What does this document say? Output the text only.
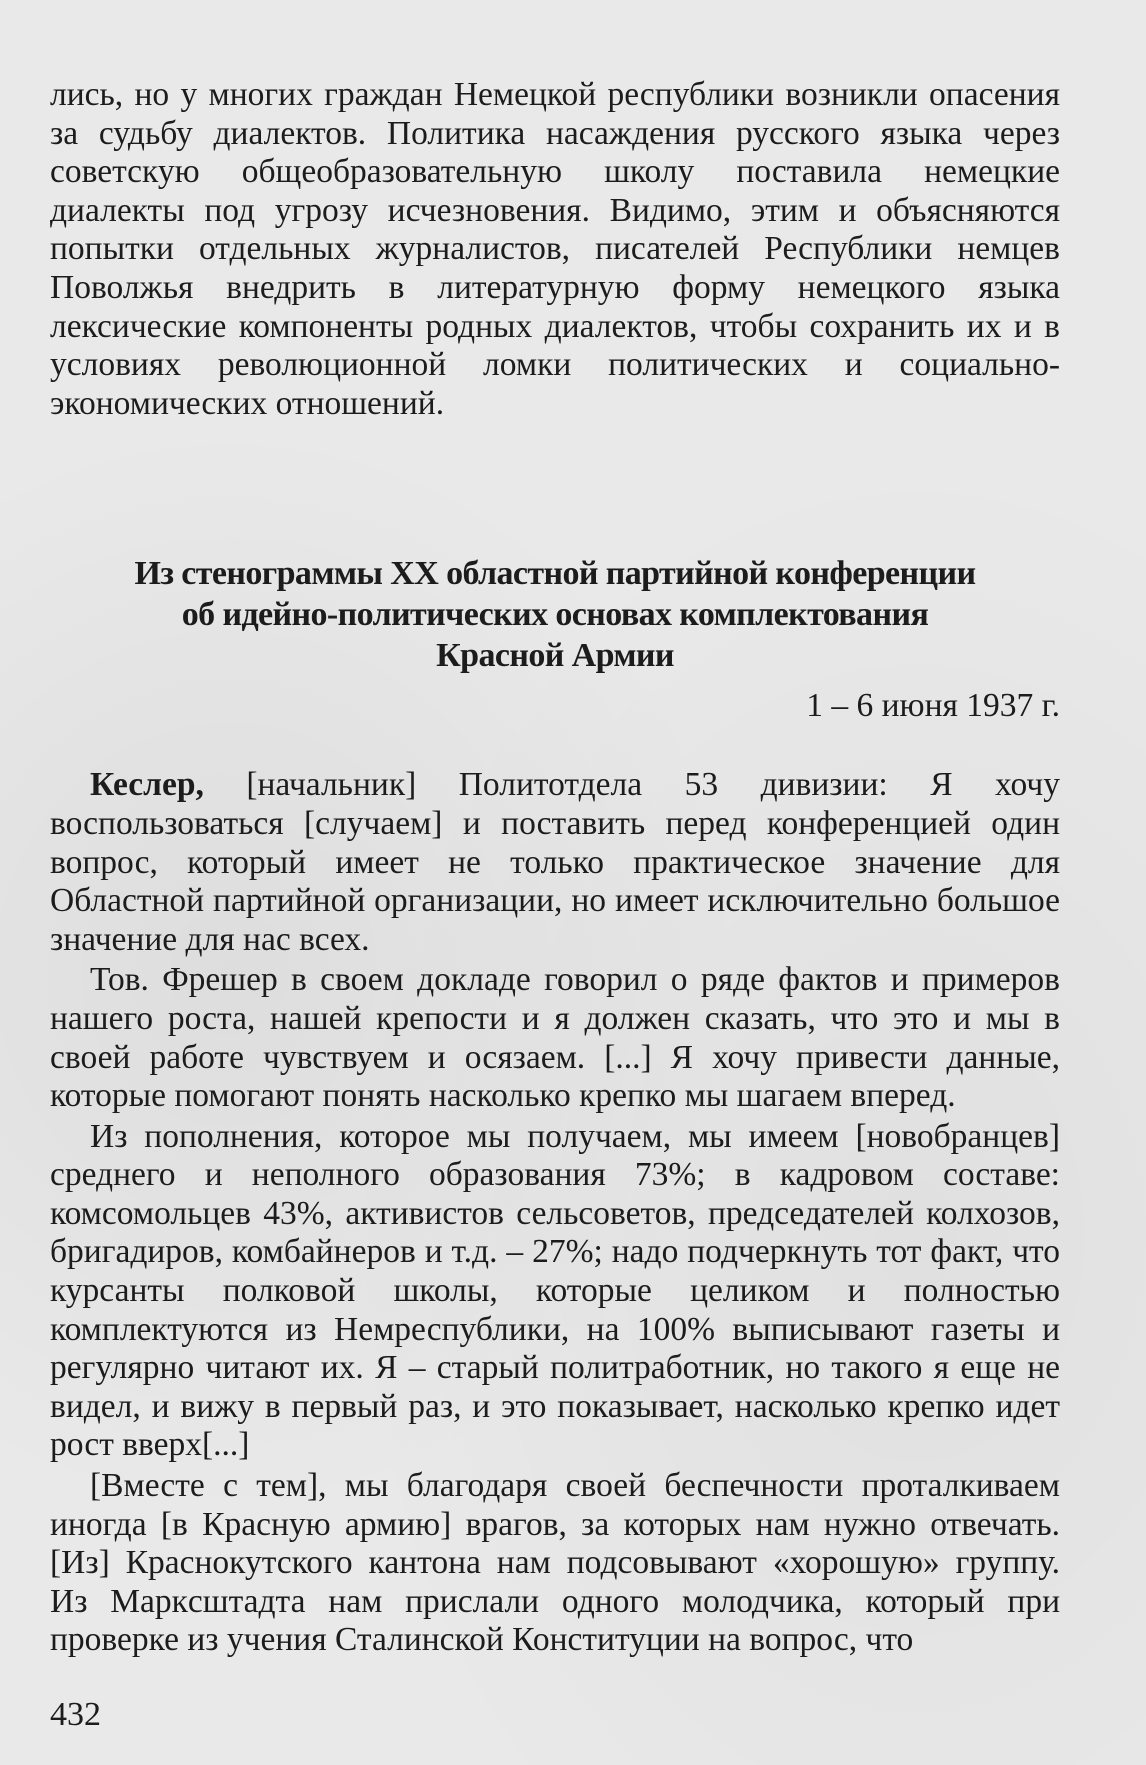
лись, но у многих граждан Немецкой республики возникли опасения за судьбу диалектов. Политика насаждения русского языка через советскую общеобразовательную школу поставила немецкие диалекты под угрозу исчезновения. Видимо, этим и объясняются попытки отдельных журналистов, писателей Республики немцев Поволжья внедрить в литературную форму немецкого языка лексические компоненты родных диалектов, чтобы сохранить их и в условиях революционной ломки политических и социально-экономических отношений.

Из стенограммы XX областной партийной конференции
об идейно-политических основах комплектования
Красной Армии
1 – 6 июня 1937 г.

Кеслер, [начальник] Политотдела 53 дивизии: Я хочу воспользоваться [случаем] и поставить перед конференцией один вопрос, который имеет не только практическое значение для Областной партийной организации, но имеет исключительно большое значение для нас всех.

Тов. Фрешер в своем докладе говорил о ряде фактов и примеров нашего роста, нашей крепости и я должен сказать, что это и мы в своей работе чувствуем и осязаем. [...] Я хочу привести данные, которые помогают понять насколько крепко мы шагаем вперед.

Из пополнения, которое мы получаем, мы имеем [новобранцев] среднего и неполного образования 73%; в кадровом составе: комсомольцев 43%, активистов сельсоветов, председателей колхозов, бригадиров, комбайнеров и т.д. – 27%; надо подчеркнуть тот факт, что курсанты полковой школы, которые целиком и полностью комплектуются из Немреспублики, на 100% выписывают газеты и регулярно читают их. Я – старый политработник, но такого я еще не видел, и вижу в первый раз, и это показывает, насколько крепко идет рост вверх[...]

[Вместе с тем], мы благодаря своей беспечности проталкиваем иногда [в Красную армию] врагов, за которых нам нужно отвечать. [Из] Краснокутского кантона нам подсовывают «хорошую» группу. Из Маркcштадта нам прислали одного молодчика, который при проверке из учения Сталинской Конституции на вопрос, что

432
